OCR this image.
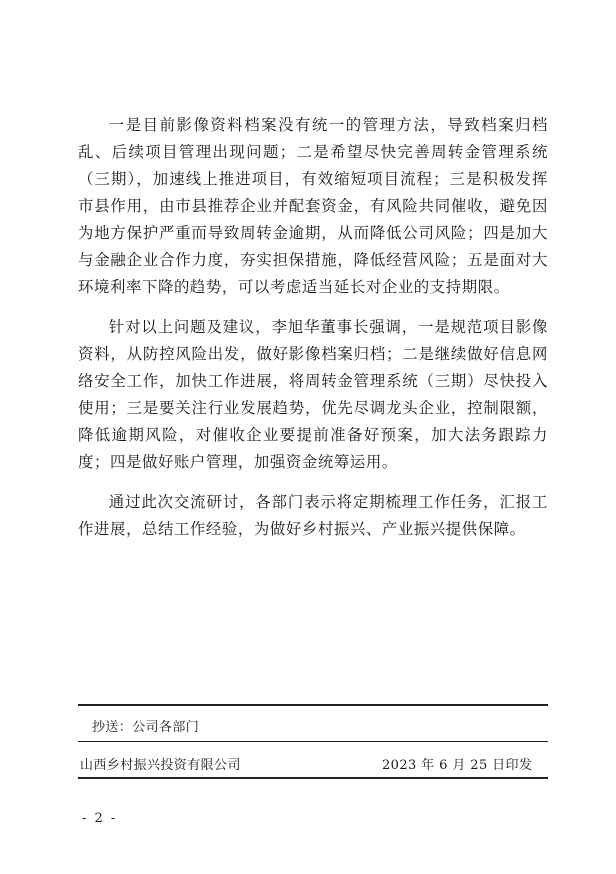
一是目前影像资料档案没有统一的管理方法，导致档案归档乱、后续项目管理出现问题；二是希望尽快完善周转金管理系统（三期），加速线上推进项目，有效缩短项目流程；三是积极发挥市县作用，由市县推荐企业并配套资金，有风险共同催收，避免因为地方保护严重而导致周转金逾期，从而降低公司风险；四是加大与金融企业合作力度，夯实担保措施，降低经营风险；五是面对大环境利率下降的趋势，可以考虑适当延长对企业的支持期限。

针对以上问题及建议，李旭华董事长强调，一是规范项目影像资料，从防控风险出发，做好影像档案归档；二是继续做好信息网络安全工作，加快工作进展，将周转金管理系统（三期）尽快投入使用；三是要关注行业发展趋势，优先尽调龙头企业，控制限额，降低逾期风险，对催收企业要提前准备好预案，加大法务跟踪力度；四是做好账户管理，加强资金统筹运用。

通过此次交流研讨，各部门表示将定期梳理工作任务，汇报工作进展，总结工作经验，为做好乡村振兴、产业振兴提供保障。

抄送：公司各部门
山西乡村振兴投资有限公司	2023 年 6 月 25 日印发
- 2 -
